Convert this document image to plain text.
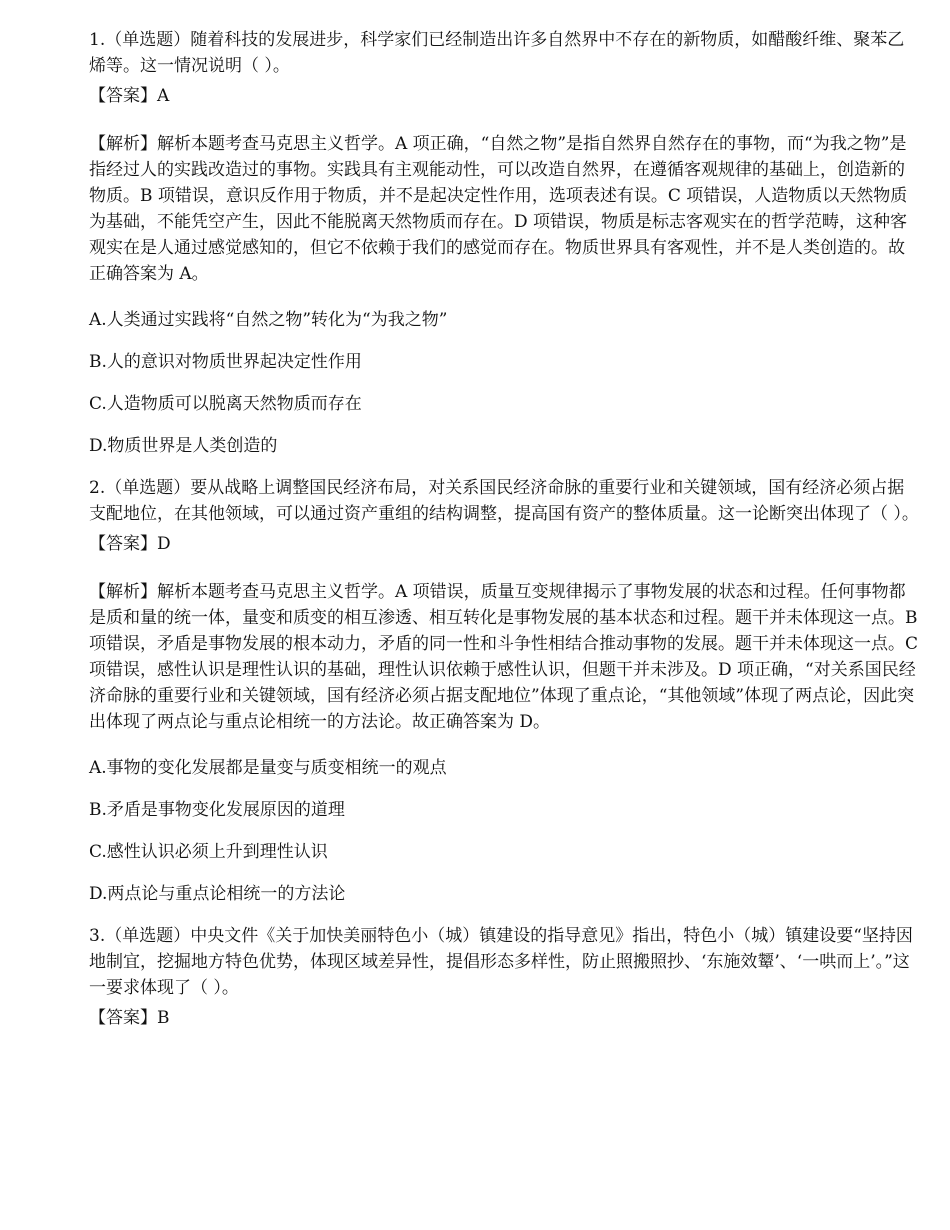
1.（单选题）随着科技的发展进步，科学家们已经制造出许多自然界中不存在的新物质，如醋酸纤维、聚苯乙烯等。这一情况说明（ ）。

【答案】A

【解析】解析本题考查马克思主义哲学。A 项正确，“自然之物”是指自然界自然存在的事物，而“为我之物”是指经过人的实践改造过的事物。实践具有主观能动性，可以改造自然界，在遵循客观规律的基础上，创造新的物质。B 项错误，意识反作用于物质，并不是起决定性作用，选项表述有误。C 项错误，人造物质以天然物质为基础，不能凭空产生，因此不能脱离天然物质而存在。D 项错误，物质是标志客观实在的哲学范畴，这种客观实在是人通过感觉感知的，但它不依赖于我们的感觉而存在。物质世界具有客观性，并不是人类创造的。故正确答案为 A。

A.人类通过实践将“自然之物”转化为“为我之物”

B.人的意识对物质世界起决定性作用

C.人造物质可以脱离天然物质而存在

D.物质世界是人类创造的

2.（单选题）要从战略上调整国民经济布局，对关系国民经济命脉的重要行业和关键领域，国有经济必须占据支配地位，在其他领域，可以通过资产重组的结构调整，提高国有资产的整体质量。这一论断突出体现了（ ）。

【答案】D

【解析】解析本题考查马克思主义哲学。A 项错误，质量互变规律揭示了事物发展的状态和过程。任何事物都是质和量的统一体，量变和质变的相互渗透、相互转化是事物发展的基本状态和过程。题干并未体现这一点。B 项错误，矛盾是事物发展的根本动力，矛盾的同一性和斗争性相结合推动事物的发展。题干并未体现这一点。C 项错误，感性认识是理性认识的基础，理性认识依赖于感性认识，但题干并未涉及。D 项正确，“对关系国民经济命脉的重要行业和关键领域，国有经济必须占据支配地位”体现了重点论，“其他领域”体现了两点论，因此突出体现了两点论与重点论相统一的方法论。故正确答案为 D。

A.事物的变化发展都是量变与质变相统一的观点

B.矛盾是事物变化发展原因的道理

C.感性认识必须上升到理性认识

D.两点论与重点论相统一的方法论

3.（单选题）中央文件《关于加快美丽特色小（城）镇建设的指导意见》指出，特色小（城）镇建设要“坚持因地制宜，挖掘地方特色优势，体现区域差异性，提倡形态多样性，防止照搬照抄、‘东施效颦’、‘一哄而上’。”这一要求体现了（ ）。

【答案】B
